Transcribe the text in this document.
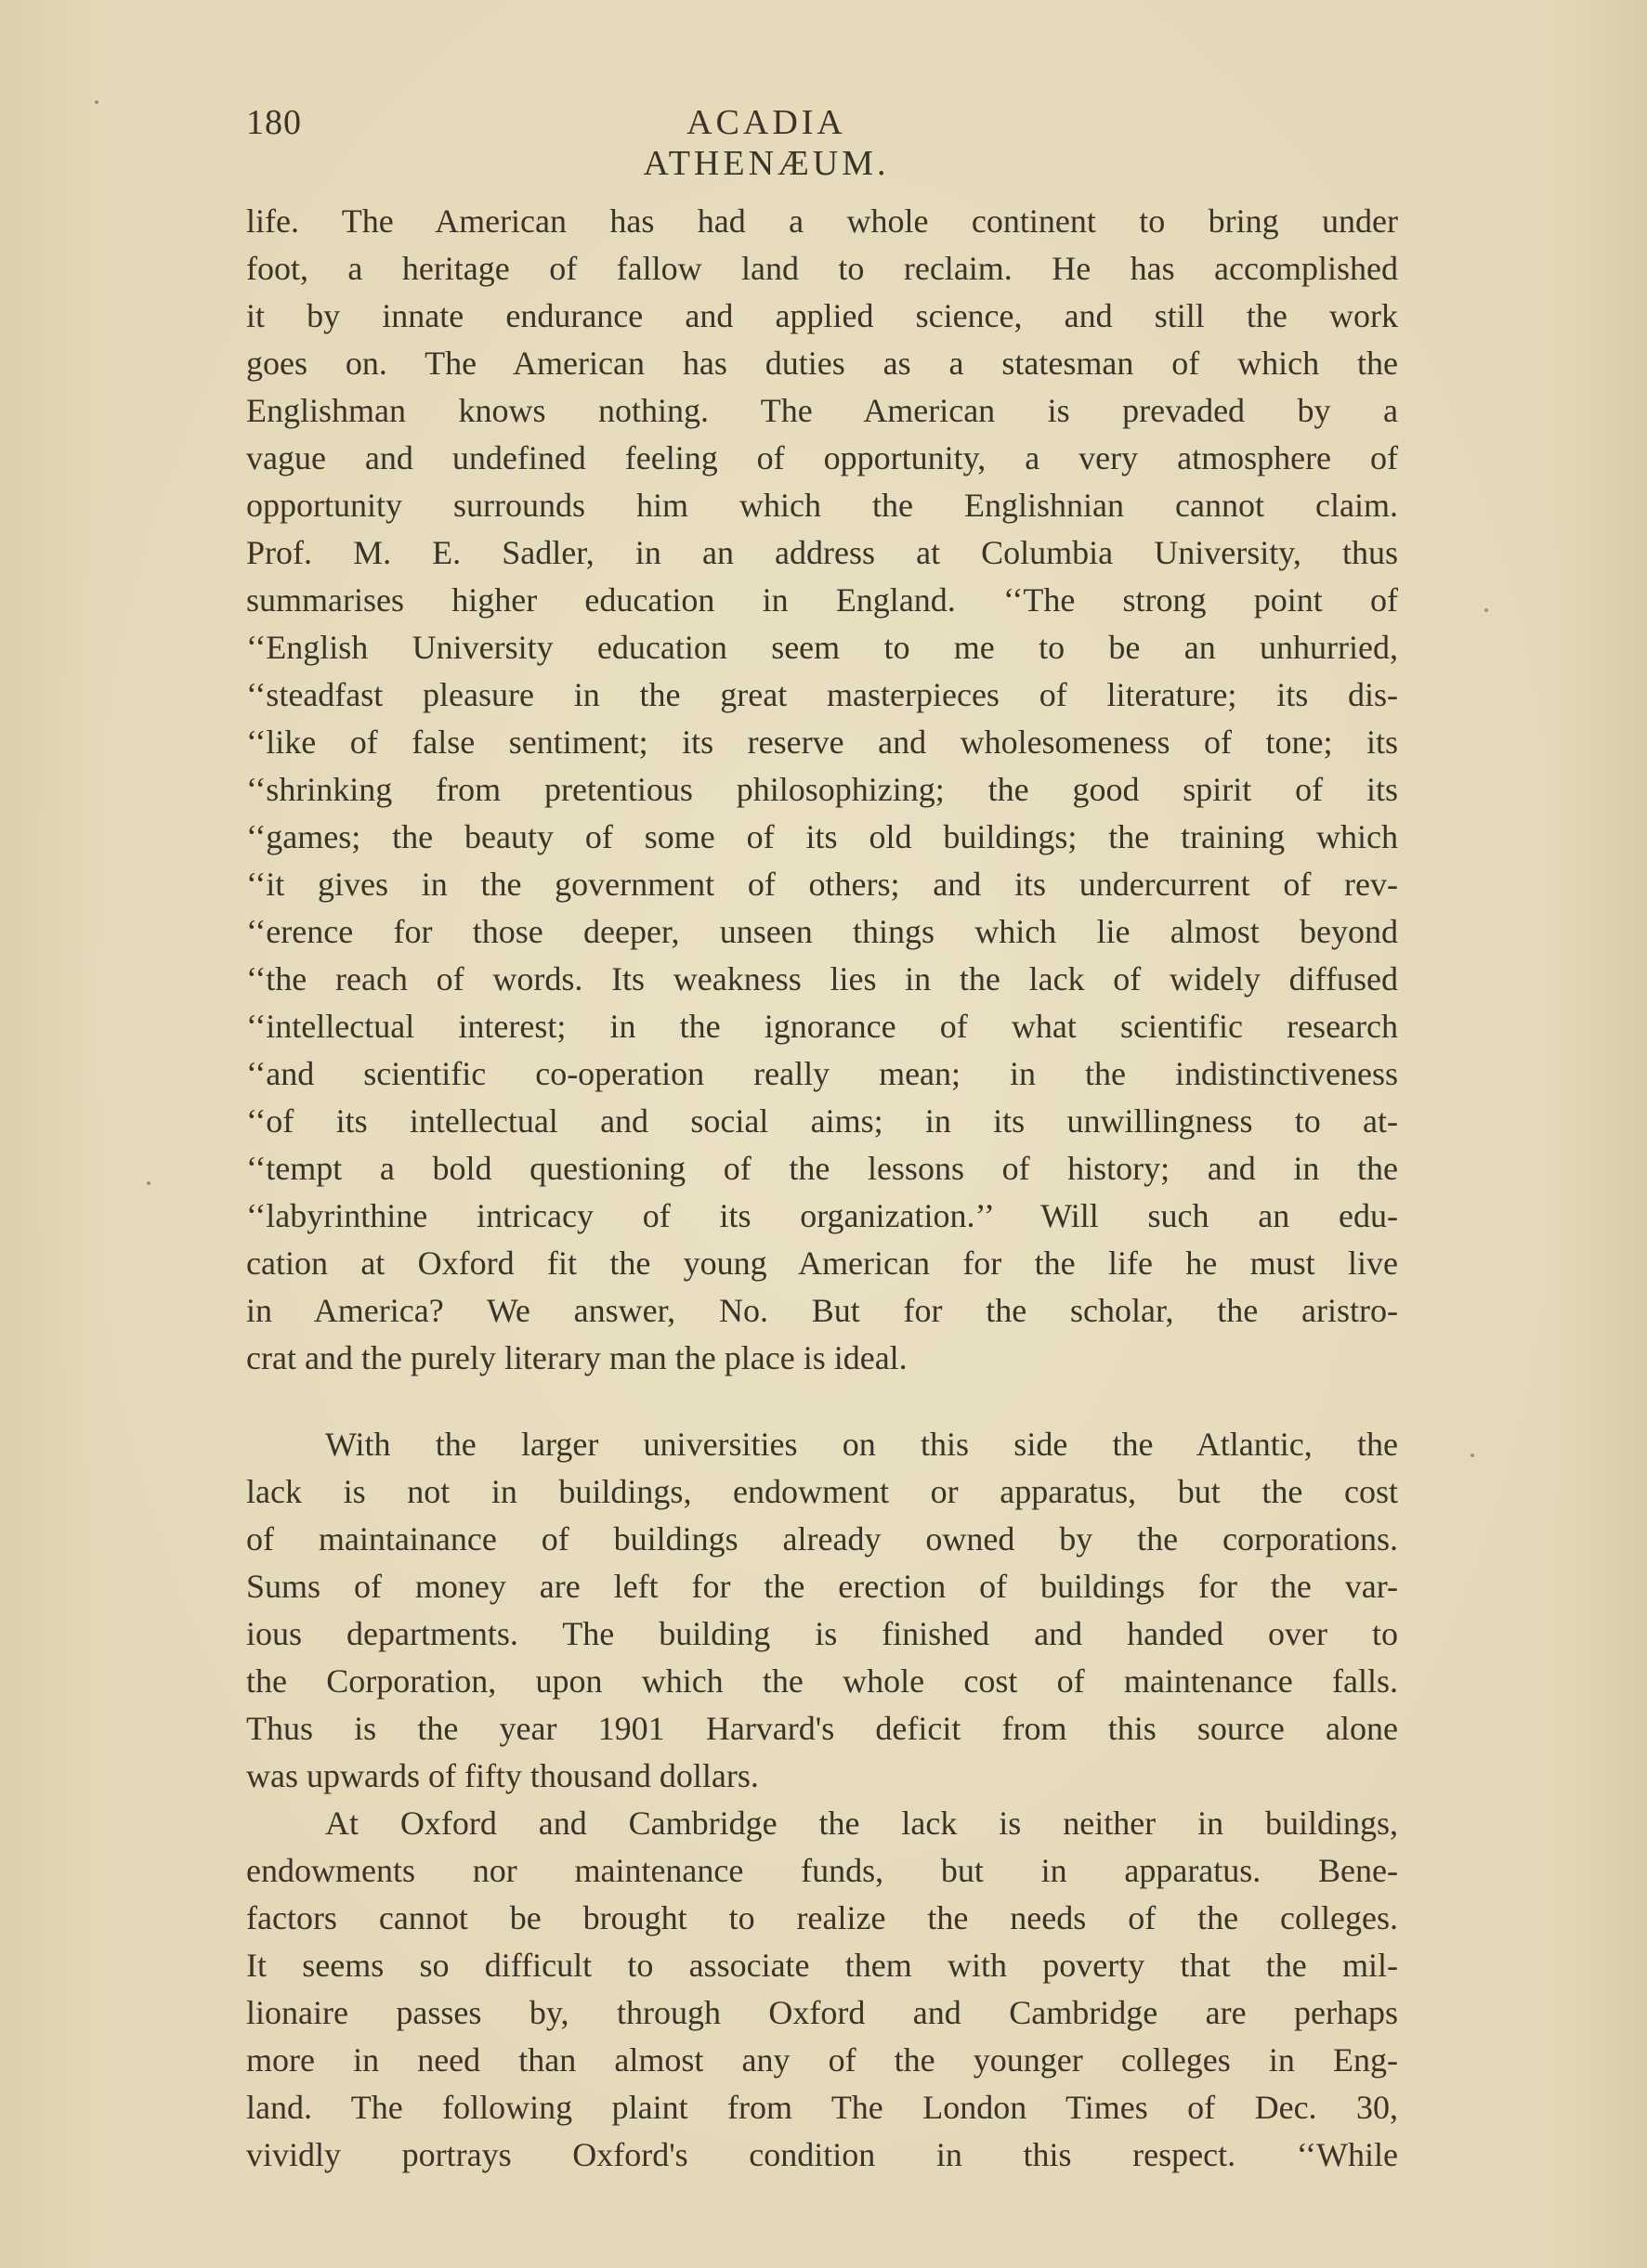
180	ACADIA ATHENÆUM.
life. The American has had a whole continent to bring under
foot, a heritage of fallow land to reclaim. He has accomplished
it by innate endurance and applied science, and still the work
goes on. The American has duties as a statesman of which the
Englishman knows nothing. The American is prevaded by a
vague and undefined feeling of opportunity, a very atmosphere of
opportunity surrounds him which the Englishnian cannot claim.
Prof. M. E. Sadler, in an address at Columbia University, thus
summarises higher education in England. ‘‘The strong point of
‘‘English University education seem to me to be an unhurried,
‘‘steadfast pleasure in the great masterpieces of literature; its dis-
‘‘like of false sentiment; its reserve and wholesomeness of tone; its
‘‘shrinking from pretentious philosophizing; the good spirit of its
‘‘games; the beauty of some of its old buildings; the training which
‘‘it gives in the government of others; and its undercurrent of rev-
‘‘erence for those deeper, unseen things which lie almost beyond
‘‘the reach of words. Its weakness lies in the lack of widely diffused
‘‘intellectual interest; in the ignorance of what scientific research
‘‘and scientific co-operation really mean; in the indistinctiveness
‘‘of its intellectual and social aims; in its unwillingness to at-
‘‘tempt a bold questioning of the lessons of history; and in the
‘‘labyrinthine intricacy of its organization.’’ Will such an edu-
cation at Oxford fit the young American for the life he must live
in America? We answer, No. But for the scholar, the aristro-
crat and the purely literary man the place is ideal.
With the larger universities on this side the Atlantic, the
lack is not in buildings, endowment or apparatus, but the cost
of maintainance of buildings already owned by the corporations.
Sums of money are left for the erection of buildings for the var-
ious departments. The building is finished and handed over to
the Corporation, upon which the whole cost of maintenance falls.
Thus is the year 1901 Harvard's deficit from this source alone
was upwards of fifty thousand dollars.
At Oxford and Cambridge the lack is neither in buildings,
endowments nor maintenance funds, but in apparatus. Bene-
factors cannot be brought to realize the needs of the colleges.
It seems so difficult to associate them with poverty that the mil-
lionaire passes by, through Oxford and Cambridge are perhaps
more in need than almost any of the younger colleges in Eng-
land. The following plaint from The London Times of Dec. 30,
vividly portrays Oxford's condition in this respect. ‘‘While
